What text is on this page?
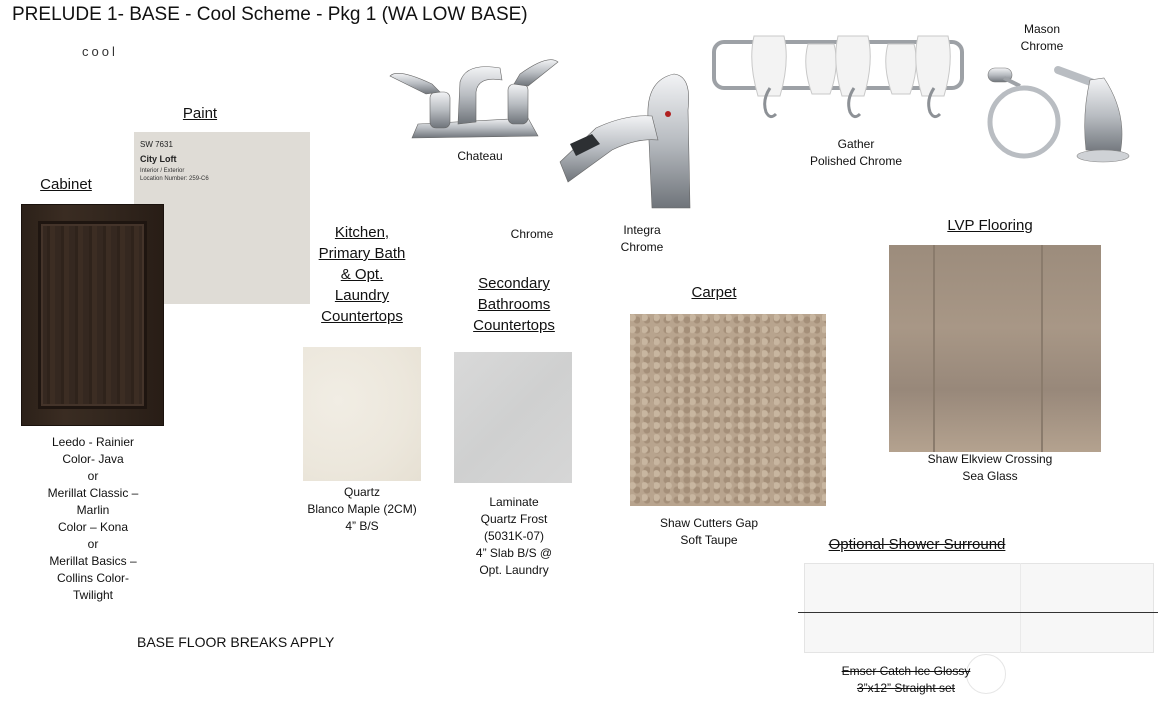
PRELUDE 1- BASE - Cool Scheme - Pkg 1 (WA LOW BASE)
cool
Paint
SW 7631
City Loft
Interior / Exterior
Location Number: 259-C6
Cabinet
Leedo - Rainier
Color- Java
or
Merillat Classic –
Marlin
Color – Kona
or
Merillat Basics –
Collins Color-
Twilight
Chateau
Chrome	Integra
Chrome
Gather
Polished Chrome
Mason
Chrome
Kitchen,
Primary Bath
& Opt.
Laundry
Countertops
Quartz
Blanco Maple (2CM)
4” B/S
Secondary
Bathrooms
Countertops
Laminate
Quartz Frost
(5031K-07)
4” Slab B/S @
Opt. Laundry
Carpet
Shaw Cutters Gap
Soft Taupe
LVP Flooring
Shaw Elkview Crossing
Sea Glass
Optional Shower Surround
Emser Catch Ice Glossy
3”x12” Straight set
BASE FLOOR BREAKS APPLY
